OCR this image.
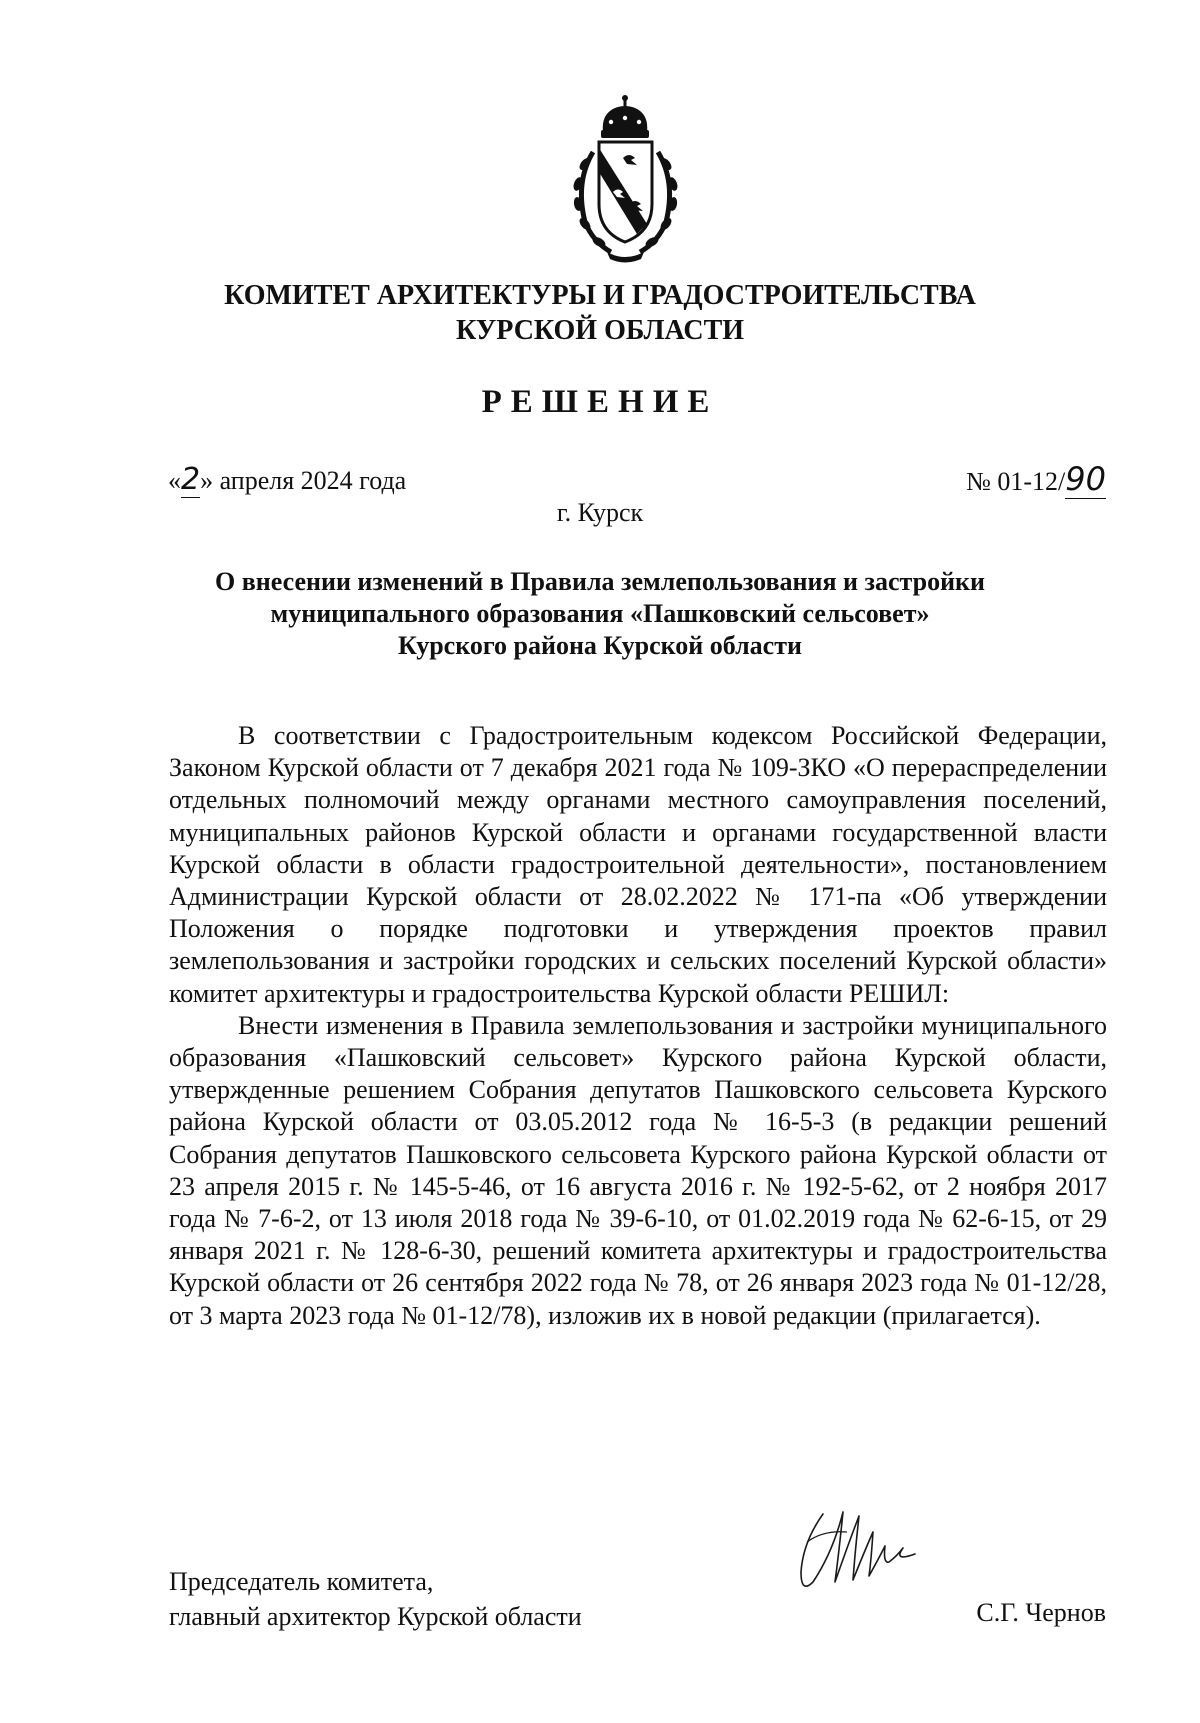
КОМИТЕТ АРХИТЕКТУРЫ И ГРАДОСТРОИТЕЛЬСТВА
КУРСКОЙ ОБЛАСТИ
РЕШЕНИЕ
«2» апреля 2024 года	№ 01-12/90
г. Курск
О внесении изменений в Правила землепользования и застройки
муниципального образования «Пашковский сельсовет»
Курского района Курской области

В соответствии с Градостроительным кодексом Российской Федерации, Законом Курской области от 7 декабря 2021 года № 109-ЗКО «О перераспределении отдельных полномочий между органами местного самоуправления поселений, муниципальных районов Курской области и органами государственной власти Курской области в области градостроительной деятельности», постановлением Администрации Курской области от 28.02.2022 № 171-па «Об утверждении Положения о порядке подготовки и утверждения проектов правил землепользования и застройки городских и сельских поселений Курской области» комитет архитектуры и градостроительства Курской области РЕШИЛ:

Внести изменения в Правила землепользования и застройки муниципального образования «Пашковский сельсовет» Курского района Курской области, утвержденные решением Собрания депутатов Пашковского сельсовета Курского района Курской области от 03.05.2012 года № 16-5-3 (в редакции решений Собрания депутатов Пашковского сельсовета Курского района Курской области от 23 апреля 2015 г. № 145-5-46, от 16 августа 2016 г. № 192-5-62, от 2 ноября 2017 года № 7-6-2, от 13 июля 2018 года № 39-6-10, от 01.02.2019 года № 62-6-15, от 29 января 2021 г. № 128-6-30, решений комитета архитектуры и градостроительства Курской области от 26 сентября 2022 года № 78, от 26 января 2023 года № 01-12/28, от 3 марта 2023 года № 01-12/78), изложив их в новой редакции (прилагается).

Председатель комитета,
главный архитектор Курской области	С.Г. Чернов
